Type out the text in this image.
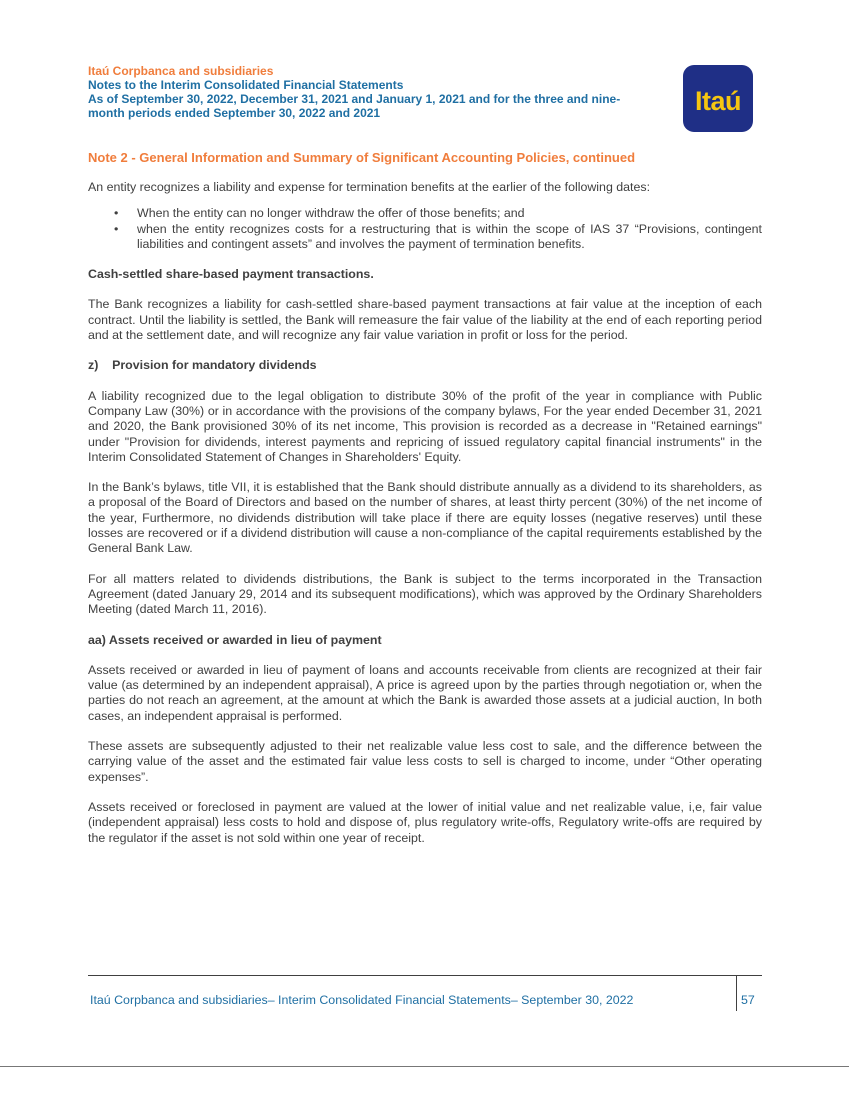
Itaú Corpbanca and subsidiaries
Notes to the Interim Consolidated Financial Statements
As of September 30, 2022, December 31, 2021 and January 1, 2021 and for the three and nine-
month periods ended September 30, 2022 and 2021	Itaú
Note 2 - General Information and Summary of Significant Accounting Policies, continued

An entity recognizes a liability and expense for termination benefits at the earlier of the following dates:

• When the entity can no longer withdraw the offer of those benefits; and
• when the entity recognizes costs for a restructuring that is within the scope of IAS 37 “Provisions, contingent liabilities and contingent assets” and involves the payment of termination benefits.
Cash-settled share-based payment transactions.

The Bank recognizes a liability for cash-settled share-based payment transactions at fair value at the inception of each contract. Until the liability is settled, the Bank will remeasure the fair value of the liability at the end of each reporting period and at the settlement date, and will recognize any fair value variation in profit or loss for the period.

z)    Provision for mandatory dividends

A liability recognized due to the legal obligation to distribute 30% of the profit of the year in compliance with Public Company Law (30%) or in accordance with the provisions of the company bylaws, For the year ended December 31, 2021 and 2020, the Bank provisioned 30% of its net income, This provision is recorded as a decrease in "Retained earnings" under "Provision for dividends, interest payments and repricing of issued regulatory capital financial instruments" in the Interim Consolidated Statement of Changes in Shareholders' Equity.

In the Bank’s bylaws, title VII, it is established that the Bank should distribute annually as a dividend to its shareholders, as a proposal of the Board of Directors and based on the number of shares, at least thirty percent (30%) of the net income of the year, Furthermore, no dividends distribution will take place if there are equity losses (negative reserves) until these losses are recovered or if a dividend distribution will cause a non-compliance of the capital requirements established by the General Bank Law.

For all matters related to dividends distributions, the Bank is subject to the terms incorporated in the Transaction Agreement (dated January 29, 2014 and its subsequent modifications), which was approved by the Ordinary Shareholders Meeting (dated March 11, 2016).

aa) Assets received or awarded in lieu of payment

Assets received or awarded in lieu of payment of loans and accounts receivable from clients are recognized at their fair value (as determined by an independent appraisal), A price is agreed upon by the parties through negotiation or, when the parties do not reach an agreement, at the amount at which the Bank is awarded those assets at a judicial auction, In both cases, an independent appraisal is performed.

These assets are subsequently adjusted to their net realizable value less cost to sale, and the difference between the carrying value of the asset and the estimated fair value less costs to sell is charged to income, under “Other operating expenses”.

Assets received or foreclosed in payment are valued at the lower of initial value and net realizable value, i,e, fair value (independent appraisal) less costs to hold and dispose of, plus regulatory write-offs, Regulatory write-offs are required by the regulator if the asset is not sold within one year of receipt.

Itaú Corpbanca and subsidiaries– Interim Consolidated Financial Statements– September 30, 2022	57
